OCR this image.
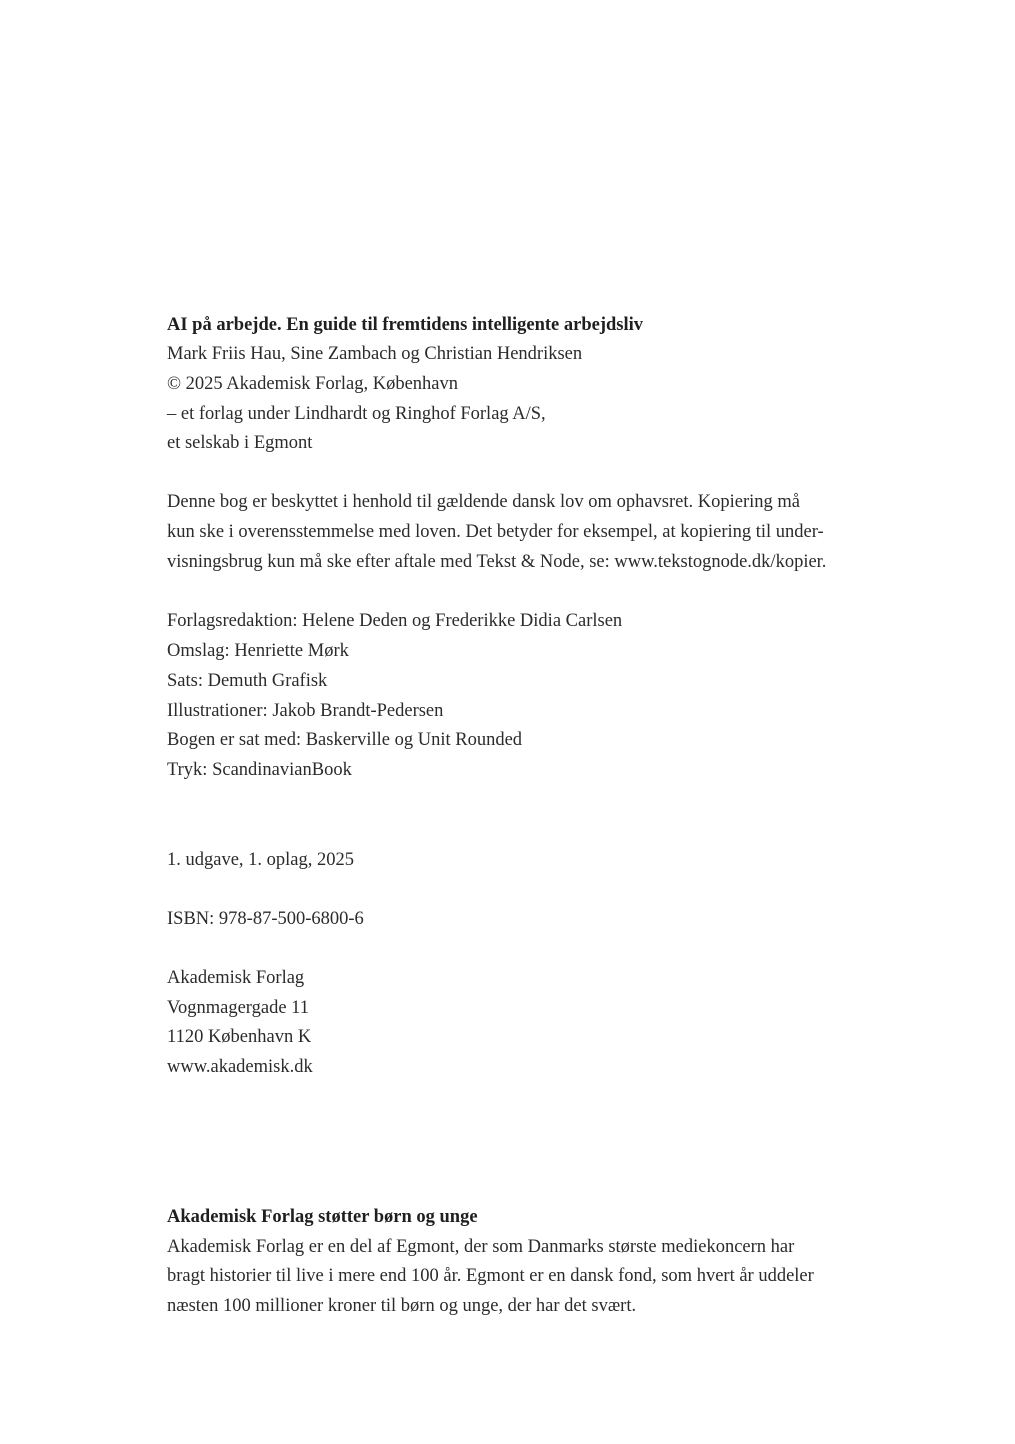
AI på arbejde. En guide til fremtidens intelligente arbejdsliv
Mark Friis Hau, Sine Zambach og Christian Hendriksen
© 2025 Akademisk Forlag, København
– et forlag under Lindhardt og Ringhof Forlag A/S,
et selskab i Egmont
Denne bog er beskyttet i henhold til gældende dansk lov om ophavsret. Kopiering må
kun ske i overensstemmelse med loven. Det betyder for eksempel, at kopiering til under-
visningsbrug kun må ske efter aftale med Tekst & Node, se: www.tekstognode.dk/kopier.
Forlagsredaktion: Helene Deden og Frederikke Didia Carlsen
Omslag: Henriette Mørk
Sats: Demuth Grafisk
Illustrationer: Jakob Brandt-Pedersen
Bogen er sat med: Baskerville og Unit Rounded
Tryk: ScandinavianBook
1. udgave, 1. oplag, 2025
ISBN: 978-87-500-6800-6
Akademisk Forlag
Vognmagergade 11
1120 København K
www.akademisk.dk
Akademisk Forlag støtter børn og unge
Akademisk Forlag er en del af Egmont, der som Danmarks største mediekoncern har
bragt historier til live i mere end 100 år. Egmont er en dansk fond, som hvert år uddeler
næsten 100 millioner kroner til børn og unge, der har det svært.
